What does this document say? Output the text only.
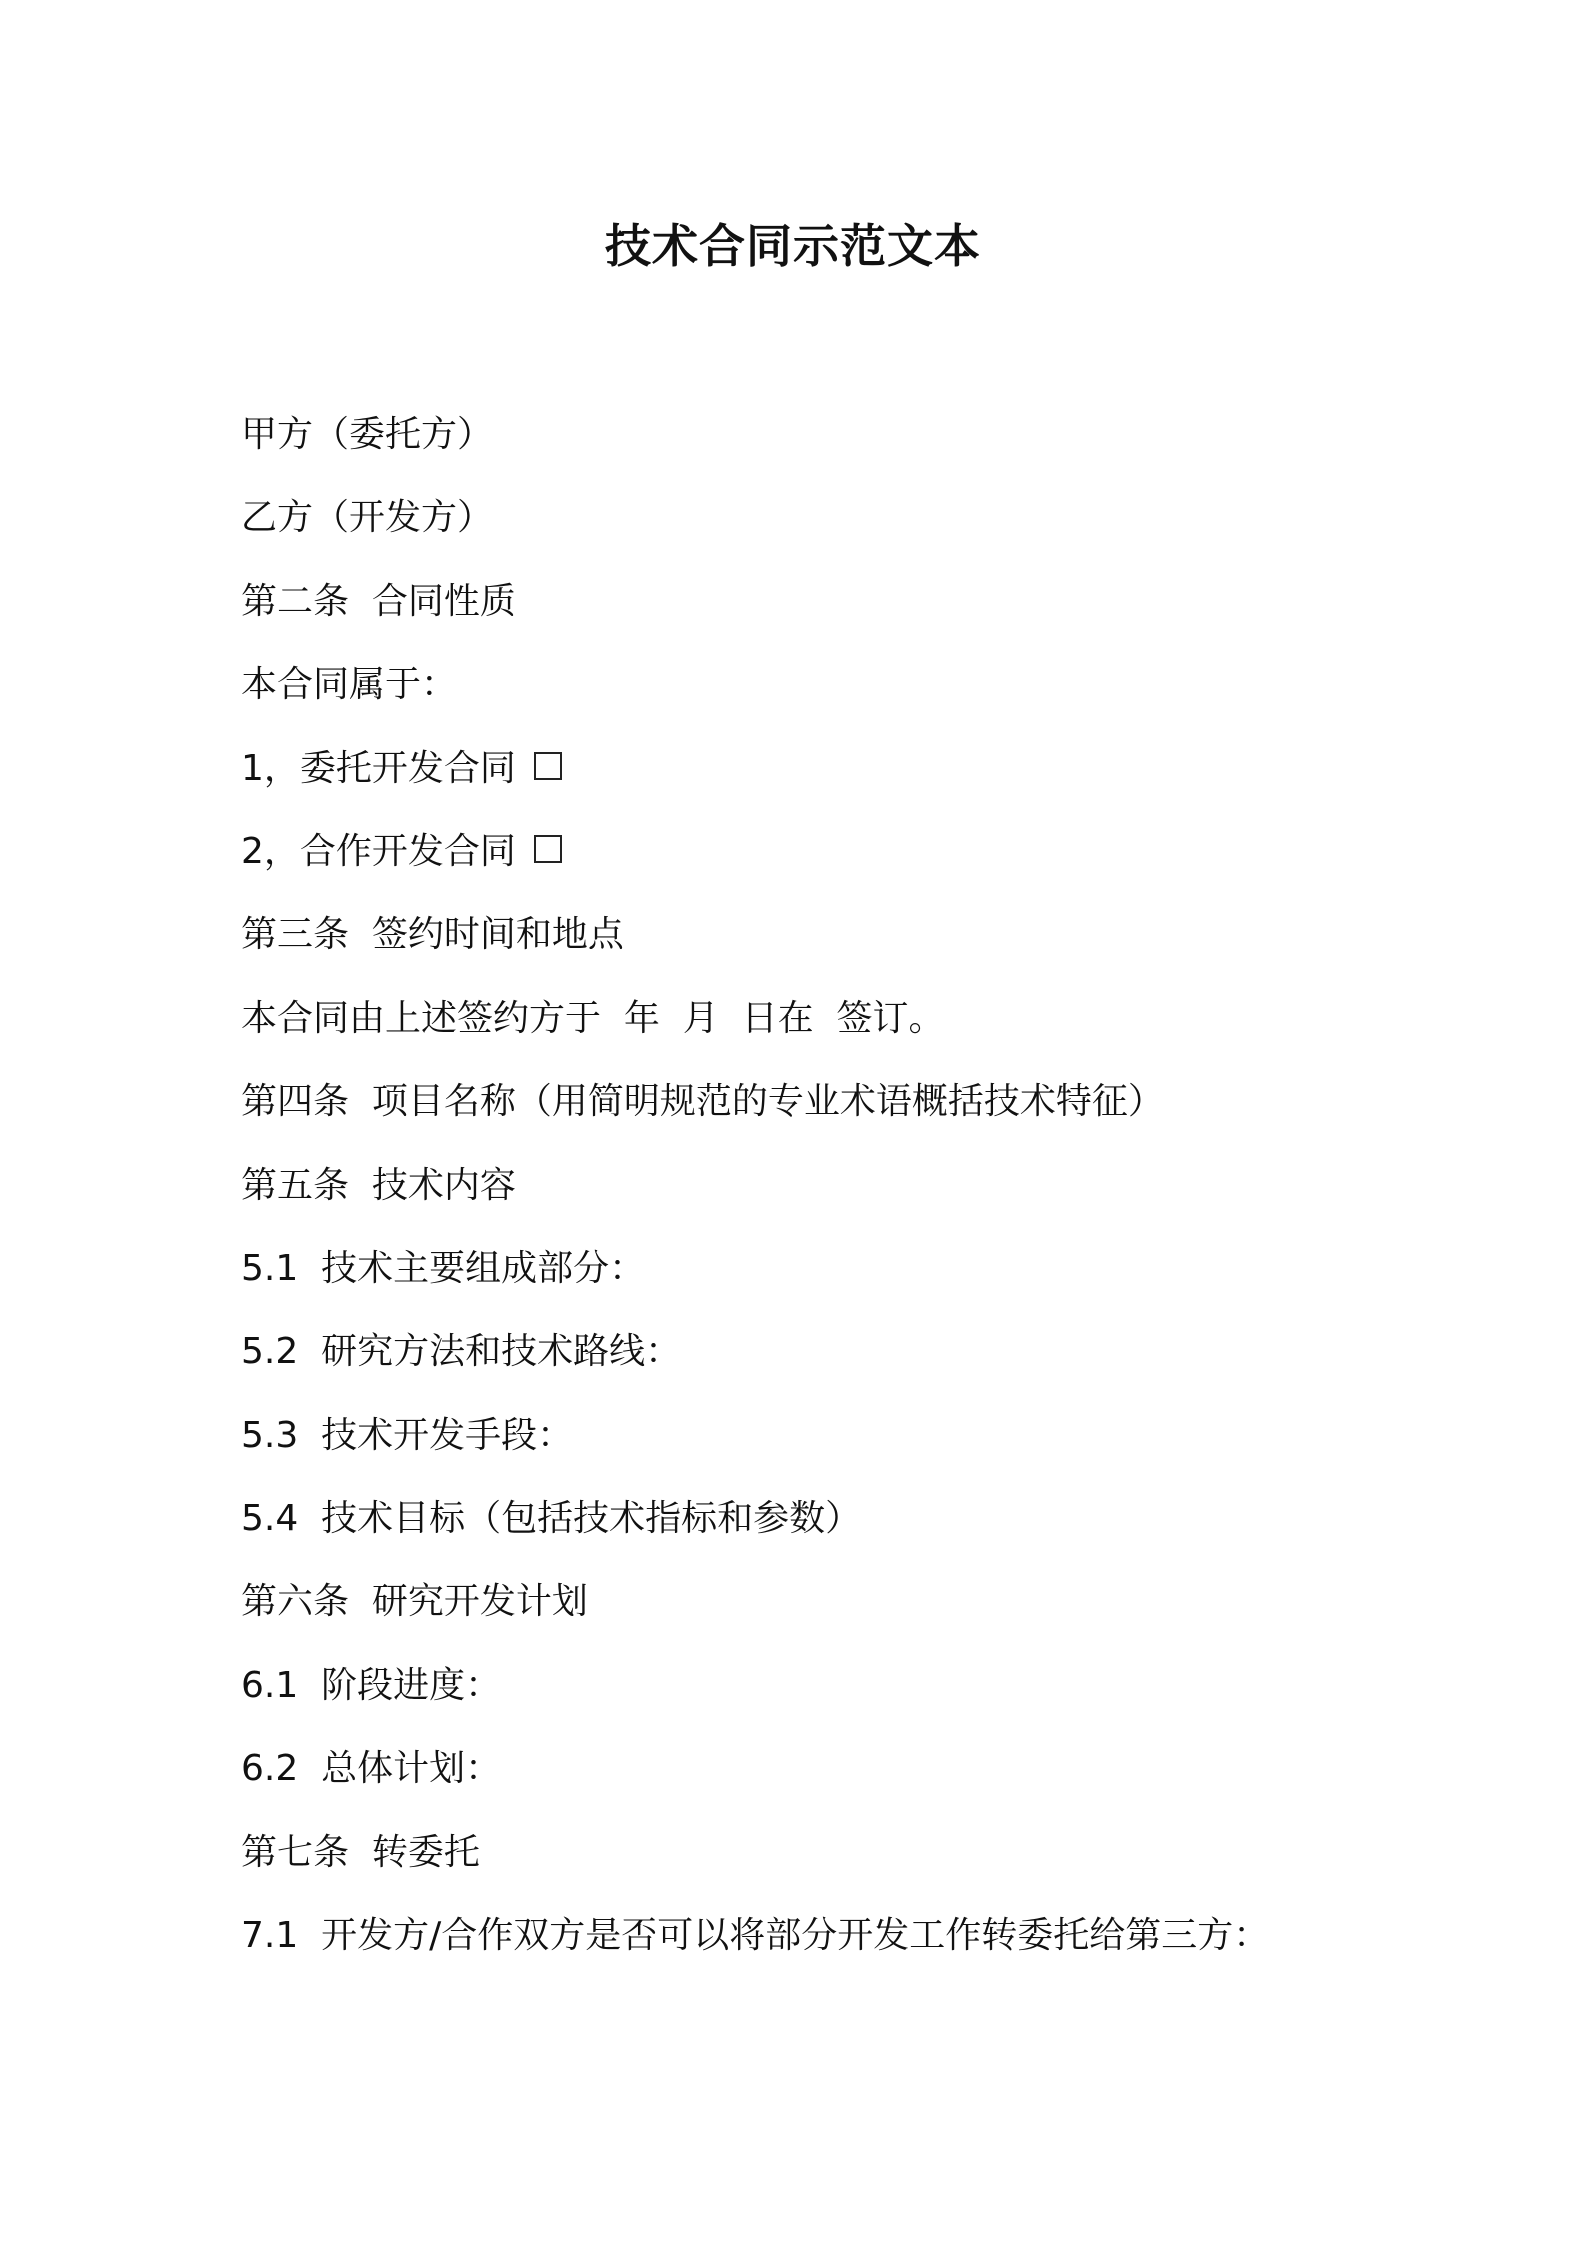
技术合同示范文本
甲方（委托方）
乙方（开发方）
第二条  合同性质
本合同属于：
1，委托开发合同
2，合作开发合同
第三条  签约时间和地点
本合同由上述签约方于  年  月  日在  签订。
第四条  项目名称（用简明规范的专业术语概括技术特征）
第五条  技术内容
5.1  技术主要组成部分：
5.2  研究方法和技术路线：
5.3  技术开发手段：
5.4  技术目标（包括技术指标和参数）
第六条  研究开发计划
6.1  阶段进度：
6.2  总体计划：
第七条  转委托
7.1  开发方/合作双方是否可以将部分开发工作转委托给第三方：
